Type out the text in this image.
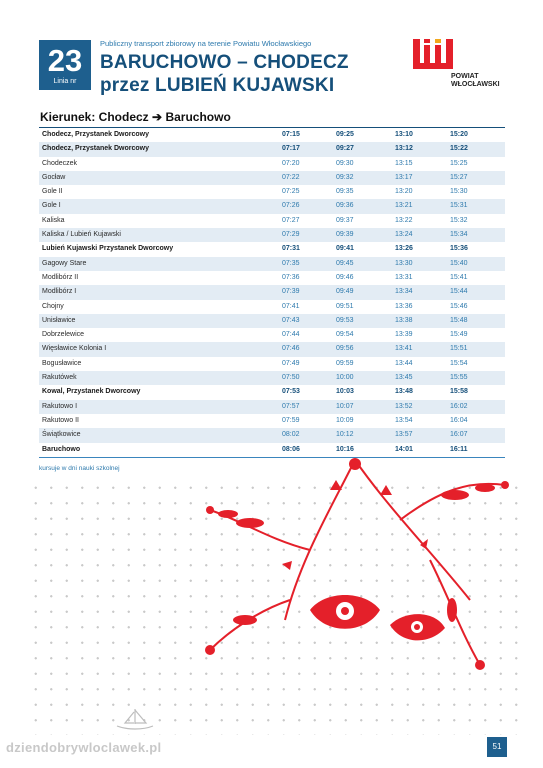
23
Linia nr
Publiczny transport zbiorowy na terenie Powiatu Włocławskiego
BARUCHOWO – CHODECZ
przez LUBIEŃ KUJAWSKI	POWIAT
WŁOCŁAWSKI
Kierunek: Chodecz ➔ Baruchowo
Chodecz, Przystanek Dworcowy	07:15	09:25	13:10	15:20
Chodecz, Przystanek Dworcowy	07:17	09:27	13:12	15:22
Chodeczek	07:20	09:30	13:15	15:25
Gocław	07:22	09:32	13:17	15:27
Gole II	07:25	09:35	13:20	15:30
Gole I	07:26	09:36	13:21	15:31
Kaliska	07:27	09:37	13:22	15:32
Kaliska / Lubień Kujawski	07:29	09:39	13:24	15:34
Lubień Kujawski Przystanek Dworcowy	07:31	09:41	13:26	15:36
Gagowy Stare	07:35	09:45	13:30	15:40
Modlibórz II	07:36	09:46	13:31	15:41
Modlibórz I	07:39	09:49	13:34	15:44
Chojny	07:41	09:51	13:36	15:46
Unisławice	07:43	09:53	13:38	15:48
Dobrzelewice	07:44	09:54	13:39	15:49
Więsławice Kolonia I	07:46	09:56	13:41	15:51
Bogusławice	07:49	09:59	13:44	15:54
Rakutówek	07:50	10:00	13:45	15:55
Kowal, Przystanek Dworcowy	07:53	10:03	13:48	15:58
Rakutowo I	07:57	10:07	13:52	16:02
Rakutowo II	07:59	10:09	13:54	16:04
Świątkowice	08:02	10:12	13:57	16:07
Baruchowo	08:06	10:16	14:01	16:11
kursuje w dni nauki szkolnej
dziendobrywloclawek.pl	51
